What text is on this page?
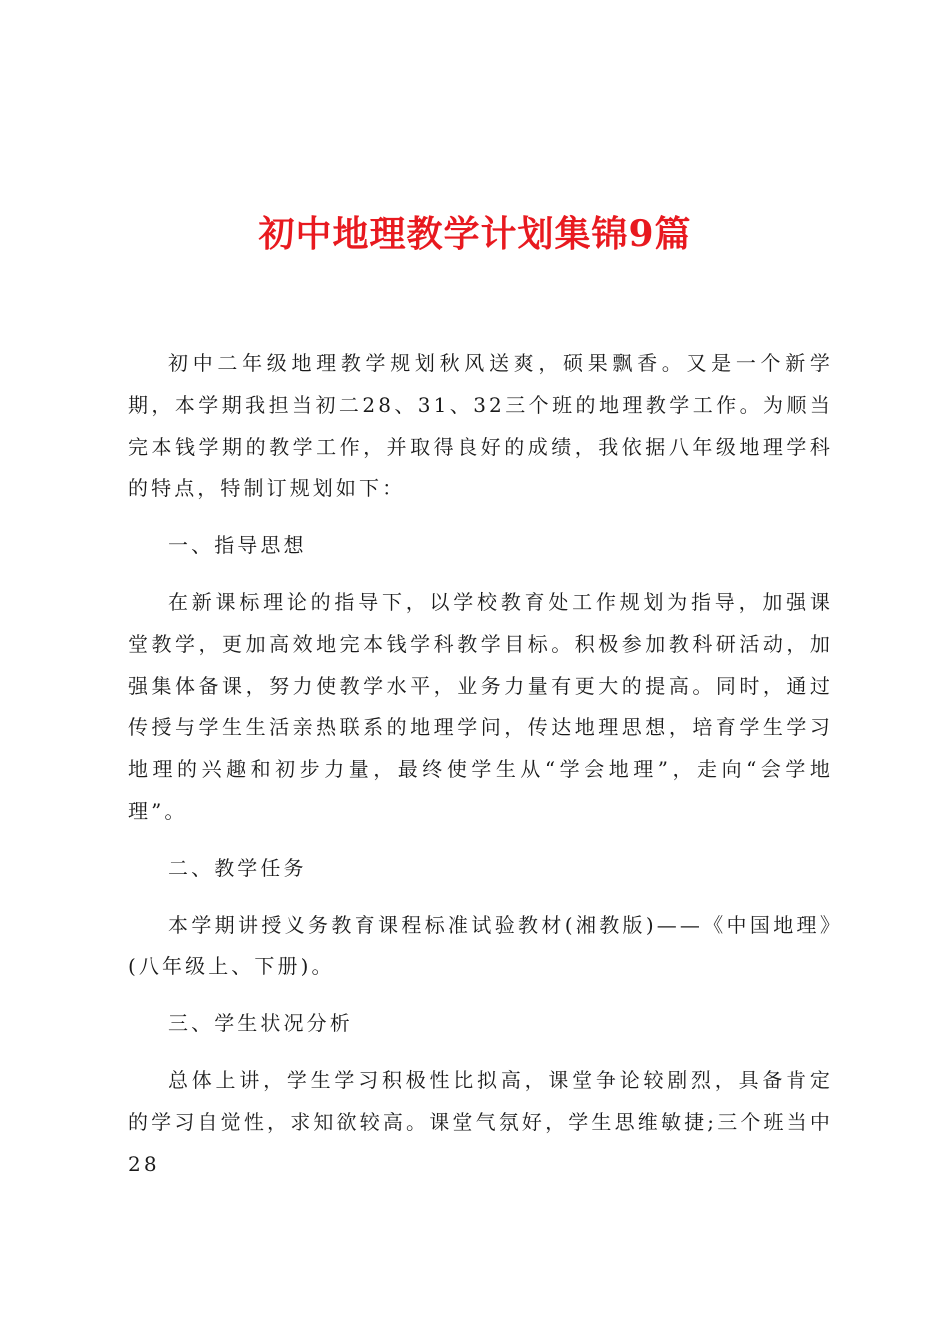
初中地理教学计划集锦9篇

初中二年级地理教学规划秋风送爽，硕果飘香。又是一个新学期，本学期我担当初二28、31、32三个班的地理教学工作。为顺当完本钱学期的教学工作，并取得良好的成绩，我依据八年级地理学科的特点，特制订规划如下：

一、指导思想

在新课标理论的指导下，以学校教育处工作规划为指导，加强课堂教学，更加高效地完本钱学科教学目标。积极参加教科研活动，加强集体备课，努力使教学水平，业务力量有更大的提高。同时，通过传授与学生生活亲热联系的地理学问，传达地理思想，培育学生学习地理的兴趣和初步力量，最终使学生从“学会地理”，走向“会学地理”。

二、教学任务

本学期讲授义务教育课程标准试验教材(湘教版)——《中国地理》(八年级上、下册)。

三、学生状况分析

总体上讲，学生学习积极性比拟高，课堂争论较剧烈，具备肯定的学习自觉性，求知欲较高。课堂气氛好，学生思维敏捷;三个班当中28
